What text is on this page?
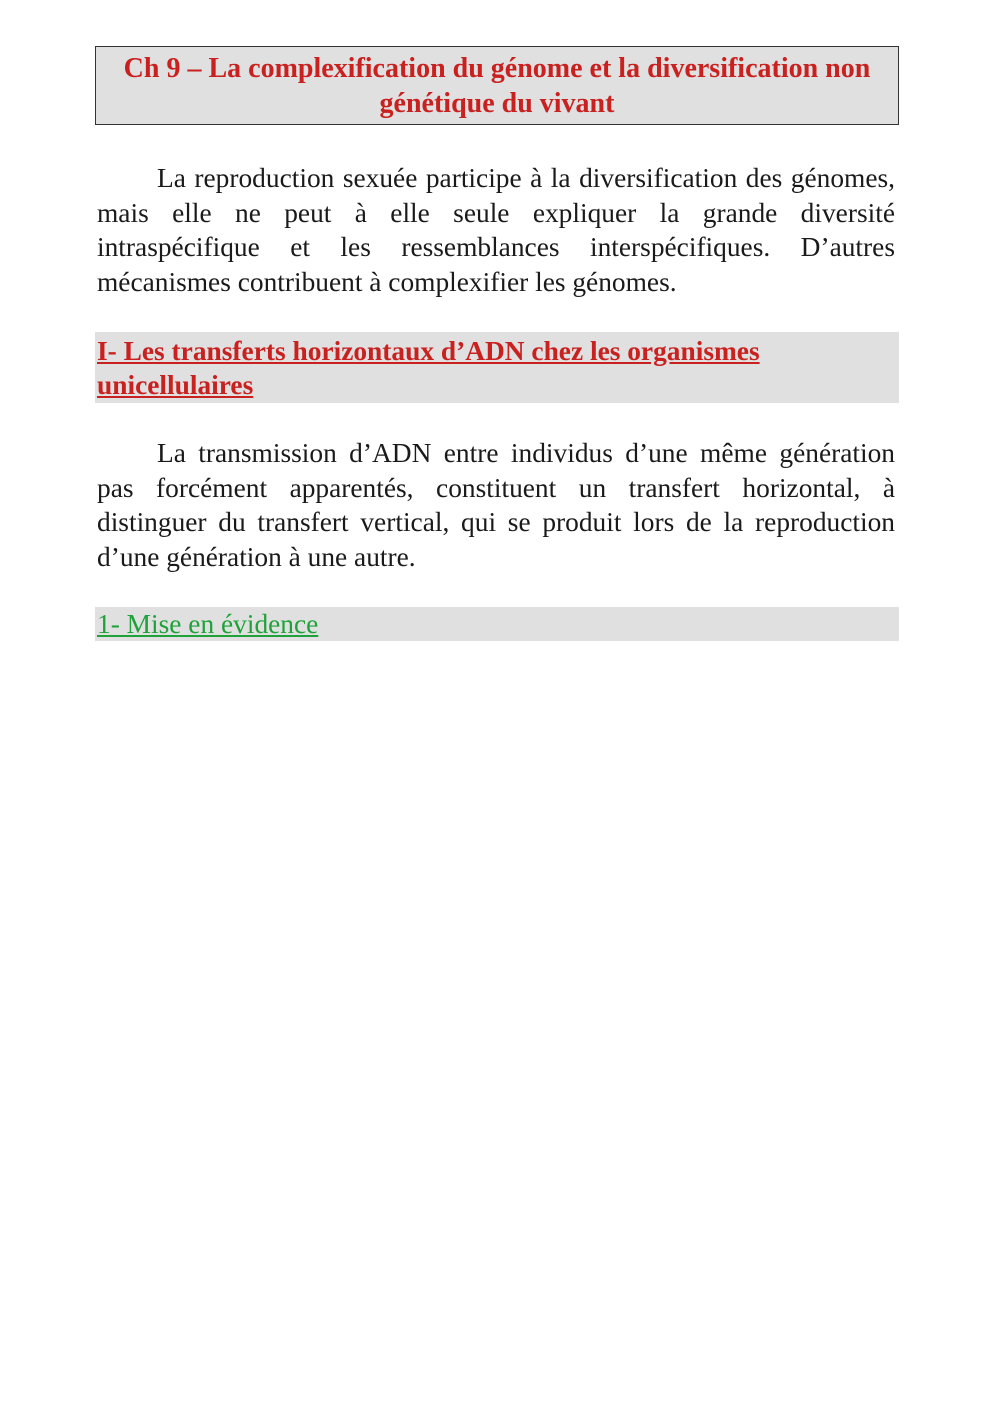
Ch 9 – La complexification du génome et la diversification non génétique du vivant

La reproduction sexuée participe à la diversification des génomes, mais elle ne peut à elle seule expliquer la grande diversité intraspécifique et les ressemblances interspécifiques. D’autres mécanismes contribuent à complexifier les génomes.

I- Les transferts horizontaux d’ADN chez les organismes unicellulaires

La transmission d’ADN entre individus d’une même génération pas forcément apparentés, constituent un transfert horizontal, à distinguer du transfert vertical, qui se produit lors de la reproduction d’une génération à une autre.

1- Mise en évidence
